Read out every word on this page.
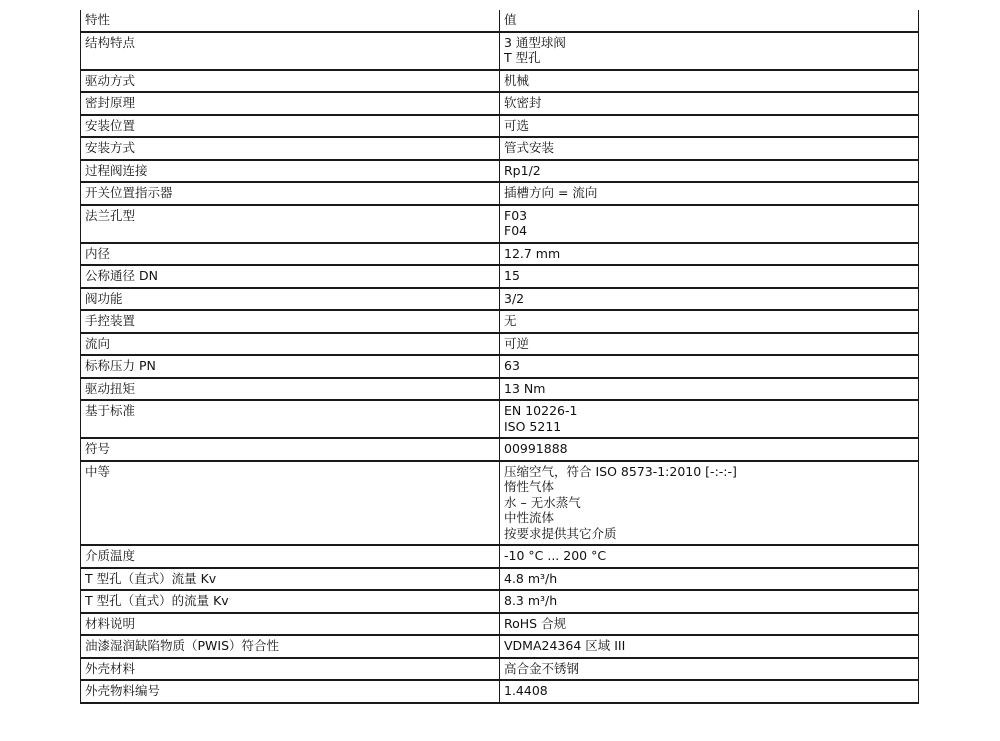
特性	值
结构特点	3 通型球阀
T 型孔

驱动方式	机械

密封原理	软密封

安装位置	可选

安装方式	管式安装

过程阀连接	Rp1/2

开关位置指示器	插槽方向 = 流向

法兰孔型	F03
F04

内径	12.7 mm

公称通径 DN	15

阀功能	3/2

手控装置	无

流向	可逆

标称压力 PN	63

驱动扭矩	13 Nm

基于标准	EN 10226-1
ISO 5211

符号	00991888

中等	压缩空气，符合 ISO 8573-1:2010 [-:-:-]
惰性气体
水 – 无水蒸气
中性流体
按要求提供其它介质

介质温度	-10 °C ... 200 °C

T 型孔（直式）流量 Kv	4.8 m³/h

T 型孔（直式）的流量 Kv	8.3 m³/h

材料说明	RoHS 合规

油漆湿润缺陷物质（PWIS）符合性	VDMA24364 区域 III

外壳材料	高合金不锈钢

外壳物料编号	1.4408
